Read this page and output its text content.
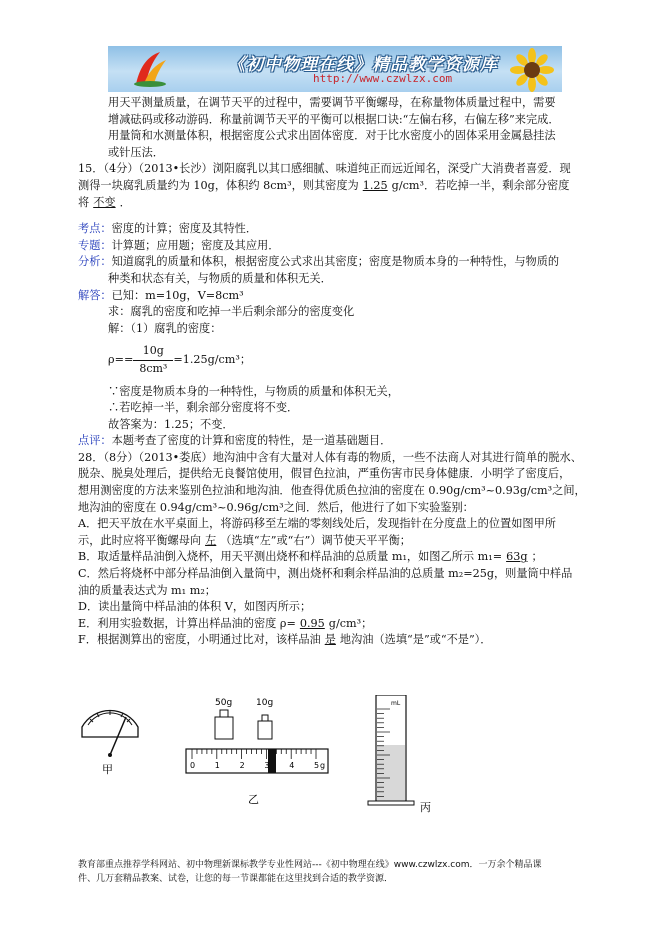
《初中物理在线》精品教学资源库
http://www.czwlzx.com

用天平测量质量，在调节天平的过程中，需要调节平衡螺母，在称量物体质量过程中，需要

增减砝码或移动游码．称量前调节天平的平衡可以根据口诀:“左偏右移，右偏左移”来完成．

用量筒和水测量体积，根据密度公式求出固体密度．对于比水密度小的固体采用金属悬挂法

或针压法．

15．（4分）（2013•长沙）浏阳腐乳以其口感细腻、味道纯正而远近闻名，深受广大消费者喜爱．现

测得一块腐乳质量约为 10g，体积约 8cm³，则其密度为 1.25 g/cm³．若吃掉一半，剩余部分密度

将 不变 ．

考点：密度的计算；密度及其特性．

专题：计算题；应用题；密度及其应用．

分析：知道腐乳的质量和体积，根据密度公式求出其密度；密度是物质本身的一种特性，与物质的

种类和状态有关，与物质的质量和体积无关．

解答：已知：m=10g，V=8cm³

求：腐乳的密度和吃掉一半后剩余部分的密度变化

解：（1）腐乳的密度：

$\rho== \frac{10g}{\text{8cm³}} =1.25g/cm^3$；

∵密度是物质本身的一种特性，与物质的质量和体积无关，

∴若吃掉一半，剩余部分密度将不变．

故答案为：1.25；不变．

点评：本题考查了密度的计算和密度的特性，是一道基础题目．

28．（8分）（2013•娄底）地沟油中含有大量对人体有毒的物质，一些不法商人对其进行简单的脱水、

脱杂、脱臭处理后，提供给无良餐馆使用，假冒色拉油，严重伤害市民身体健康．小明学了密度后，

想用测密度的方法来鉴别色拉油和地沟油．他查得优质色拉油的密度在 0.90g/cm³~0.93g/cm³之间，

地沟油的密度在 0.94g/cm³~0.96g/cm³之间．然后，他进行了如下实验鉴别：

A．把天平放在水平桌面上，将游码移至左端的零刻线处后，发现指针在分度盘上的位置如图甲所

示，此时应将平衡螺母向 左 （选填“左”或“右”）调节使天平平衡；

B．取适量样品油倒入烧杯，用天平测出烧杯和样品油的总质量 m₁，如图乙所示 m₁= 63g ；

C．然后将烧杯中部分样品油倒入量筒中，测出烧杯和剩余样品油的总质量 m₂=25g，则量筒中样品

油的质量表达式为 m₁ m₂；

D．读出量筒中样品油的体积 V，如图丙所示；

E．利用实验数据，计算出样品油的密度 ρ= 0.95 g/cm³；

F．根据测算出的密度，小明通过比对，该样品油 是 地沟油（选填“是”或“不是”）．

甲
50g	10g
0 1 2 3 4 5 g
乙
mL
丙
教育部重点推荐学科网站、初中物理新课标教学专业性网站---《初中物理在线》www.czwlzx.com．一万余个精品课
件、几万套精品教案、试卷，让您的每一节课都能在这里找到合适的教学资源．
